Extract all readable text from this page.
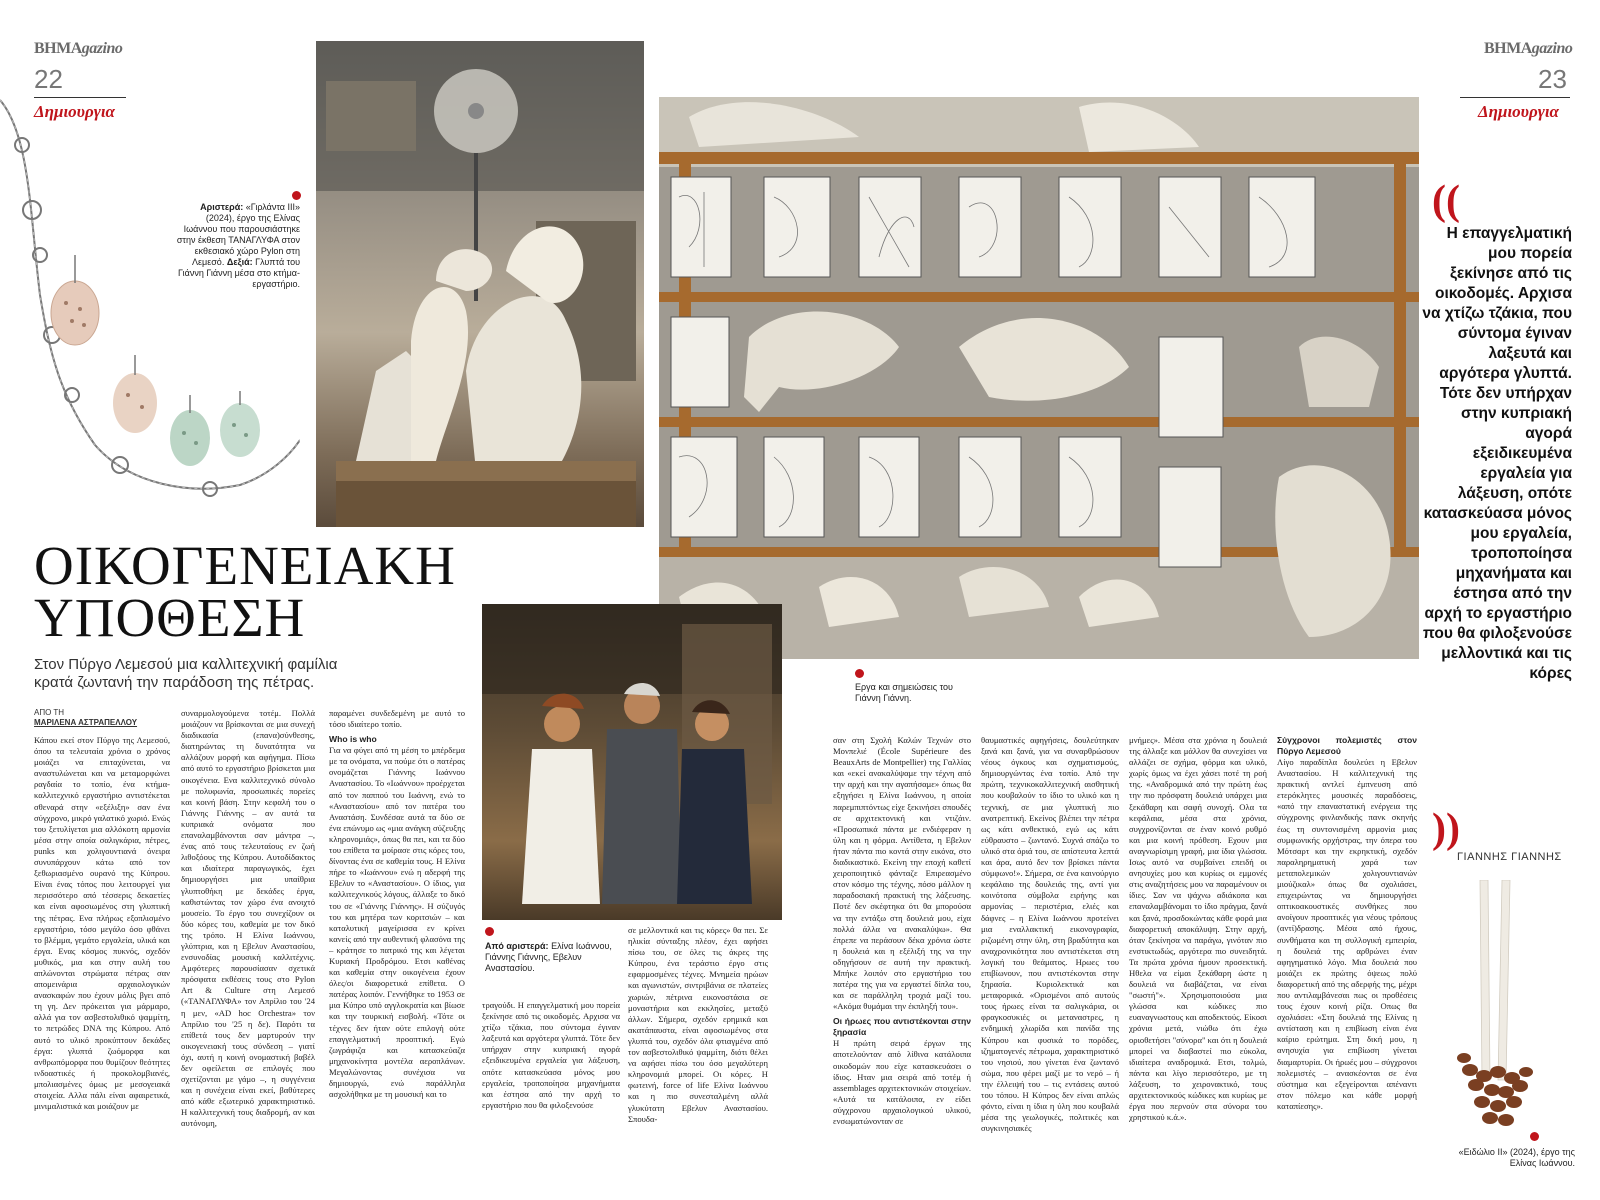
ΒΗΜΑgazino
22
Δημιουργια
ΒΗΜΑgazino
23
Δημιουργια
Αριστερά: «Γιρλάντα III» (2024), έργο της Ελίνας Ιωάννου που παρουσιάστηκε στην έκθεση ΤΑΝΑΓΛΥΦΑ στον εκθεσιακό χώρο Pylon στη Λεμεσό. Δεξιά: Γλυπτά του Γιάννη Γιάννη μέσα στο κτήμα-εργαστήριο.
((
Η επαγγελματική μου πορεία ξεκίνησε από τις οικοδομές. Αρχισα να χτίζω τζάκια, που σύντομα έγιναν λαξευτά και αργότερα γλυπτά. Τότε δεν υπήρχαν στην κυπριακή αγορά εξειδικευμένα εργαλεία για λάξευση, οπότε κατασκεύασα μόνος μου εργαλεία, τροποποίησα μηχανήματα και έστησα από την αρχή το εργαστήριο που θα φιλοξενούσε μελλοντικά και τις κόρες
))
ΓΙΑΝΝΗΣ ΓΙΑΝΝΗΣ
ΟΙΚΟΓΕΝΕΙΑΚΗ
ΥΠΟΘΕΣΗ
Στον Πύργο Λεμεσού μια καλλιτεχνική φαμίλια κρατά ζωντανή την παράδοση της πέτρας.
ΑΠΟ ΤΗ
ΜΑΡΙΛΕΝΑ ΑΣΤΡΑΠΕΛΛΟΥ

Κάπου εκεί στον Πύργο της Λεμεσού, όπου τα τελευταία χρόνια ο χρόνος μοιάζει να επιταχύνεται, να αναστυλώνεται και να μεταμορφώνει ραγδαία το τοπίο, ένα κτήμα-καλλιτεχνικό εργαστήριο αντιστέκεται σθεναρά στην «εξέλιξη» σαν ένα σύγχρονο, μικρό γαλατικό χωριό. Ενώς του ξετυλίγεται μια αλλόκοτη αρμονία μέσα στην οποία σαλιγκάρια, πέτρες, punks και χολιγουντιανά όνειρα συνυπάρχουν κάτω από τον ξεθωριασμένο ουρανό της Κύπρου. Είναι ένας τόπος που λειτουργεί για περισσότερο από τέσσερις δεκαετίες και είναι αφοσιωμένος στη γλυπτική της πέτρας. Ενα πλήρως εξοπλισμένο εργαστήριο, τόσο μεγάλο όσο φθάνει το βλέμμα, γεμάτο εργαλεία, υλικά και έργα. Ενας κόσμος πυκνός, σχεδόν μυθικός, μια και στην αυλή του απλώνονται στρώματα πέτρας σαν απομεινάρια αρχαιολογικών ανασκαφών που έχουν μόλις βγει από τη γη. Δεν πρόκειται για μάρμαρο, αλλά για τον ασβεστολιθικό ψαμμίτη, το πετρώδες DNA της Κύπρου. Από αυτό το υλικό προκύπτουν δεκάδες έργα: γλυπτά ζωόμορφα και ανθρωπόμορφα που θυμίζουν θεότητες ινδοαστικές ή προκολομβιανές, μπολιασμένες όμως με μεσογειακά στοιχεία. Αλλα πάλι είναι αφαιρετικά, μινιμαλιστικά και μοιάζουν με

συναρμολογούμενα τοτέμ. Πολλά μοιάζουν να βρίσκονται σε μια συνεχή διαδικασία (επανα)σύνθεσης, διατηρώντας τη δυνατότητα να αλλάζουν μορφή και αφήγημα. Πίσω από αυτό το εργαστήριο βρίσκεται μια οικογένεια. Ενα καλλιτεχνικό σύνολο με πολυφωνία, προσωπικές πορείες και κοινή βάση. Στην κεφαλή του ο Γιάννης Γιάννης – αν αυτά τα κυπριακά ονόματα που επαναλαμβάνονται σαν μάντρα –, ένας από τους τελευταίους εν ζωή λιθοξόους της Κύπρου. Αυτοδίδακτος και ιδιαίτερα παραγωγικός, έχει δημιουργήσει μια υπαίθρια γλυπτοθήκη με δεκάδες έργα, καθιστώντας τον χώρο ένα ανοιχτό μουσείο. Το έργο του συνεχίζουν οι δύο κόρες του, καθεμία με τον δικό της τρόπο. Η Ελίνα Ιωάννου, γλύπτρια, και η Εβελυν Αναστασίου, ενσυνοδίας μουσική καλλιτέχνις. Αμφότερες παρουσίασαν σχετικά πρόσφατα εκθέσεις τους στο Pylon Art & Culture στη Λεμεσό («ΤΑΝΑΓΛΥΦΑ» τον Απρίλιο του '24 η μεν, «AD hoc Orchestra» τον Απρίλιο του '25 η δε). Παρότι τα επίθετά τους δεν μαρτυρούν την οικογενειακή τους σύνδεση – γιατί όχι, αυτή η κοινή ονομαστική βαβέλ δεν οφείλεται σε επιλογές που σχετίζονται με γάμο –, η συγγένεια και η συνέχεια είναι εκεί, βαθύτερες από κάθε εξωτερικό χαρακτηριστικό. Η καλλιτεχνική τους διαδρομή, αν και αυτόνομη,

παραμένει συνδεδεμένη με αυτό το τόσο ιδιαίτερο τοπίο.

Who is who

Για να φύγει από τη μέση το μπέρδεμα με τα ονόματα, να πούμε ότι ο πατέρας ονομάζεται Γιάννης Ιωάννου Αναστασίου. Το «Ιωάννου» προέρχεται από τον παππού του Ιωάννη, ενώ το «Αναστασίου» από τον πατέρα του Αναστάση. Συνδέσαε αυτά τα δύο σε ένα επώνυμο ως «μια ανάγκη σύζευξης κληρονομιάς», όπως θα πει, και τα δύο του επίθετα τα μοίρασε στις κόρες του, δίνοντας ένα σε καθεμία τους. Η Ελίνα πήρε το «Ιωάννου» ενώ η αδερφή της Εβελυν το «Αναστασίου». Ο ίδιος, για καλλιτεχνικούς λόγους, άλλαξε το δικό του σε «Γιάννης Γιάννης». Η σύζυγός του και μητέρα των κοριτσιών – και καταλυτική μαγείρισσα εν κρίνει κανείς από την αυθεντική φλασόνα της – κράτησε το πατρικό της και λέγεται Κυριακή Προδρόμου. Ετσι καθένας και καθεμία στην οικογένεια έχουν όλες/οι διαφορετικά επίθετα. Ο πατέρας λοιπόν. Γεννήθηκε το 1953 σε μια Κύπρο υπό αγγλοκρατία και βίωσε και την τουρκική εισβολή. «Τότε οι τέχνες δεν ήταν ούτε επιλογή ούτε επαγγελματική προοπτική. Εγώ ζωγράφιζα και κατασκεύαζα μηχανοκίνητα μοντέλα αεροπλάνων. Μεγαλώνοντας συνέχισα να δημιουργώ, ενώ παράλληλα ασχολήθηκα με τη μουσική και το

Από αριστερά: Ελίνα Ιωάννου, Γιάννης Γιάννης, Εβελυν Αναστασίου.

τραγούδι. Η επαγγελματική μου πορεία ξεκίνησε από τις οικοδομές. Αρχισα να χτίζω τζάκια, που σύντομα έγιναν λαξευτά και αργότερα γλυπτά. Τότε δεν υπήρχαν στην κυπριακή αγορά εξειδικευμένα εργαλεία για λάξευση, οπότε κατασκεύασα μόνος μου εργαλεία, τροποποίησα μηχανήματα και έστησα από την αρχή το εργαστήριο που θα φιλοξενούσε

σε μελλοντικά και τις κόρες» θα πει. Σε ηλικία σύνταξης πλέον, έχει αφήσει πίσω του, σε όλες τις άκρες της Κύπρου, ένα τεράστιο έργο στις εφαρμοσμένες τέχνες. Μνημεία ηρώων και αγωνιστών, σιντριβάνια σε πλατείες χωριών, πέτρινα εικονοστάσια σε μοναστήρια και εκκλησίες, μεταξύ άλλων. Σήμερα, σχεδόν ερημικά και ακατάπαυστα, είναι αφοσιωμένος στα γλυπτά του, σχεδόν όλα φτιαγμένα από τον ασβεστολιθικό ψαμμίτη, διότι θέλει να αφήσει πίσω του όσο μεγαλύτερη κληρονομιά μπορεί. Οι κόρες. Η φωτεινή, force of life Ελίνα Ιωάννου και η πιο συνεσταλμένη αλλά γλυκύτατη Εβελυν Αναστασίου. Σπουδα-

Εργα και σημειώσεις του Γιάννη Γιάννη.

σαν στη Σχολή Καλών Τεχνών στο Μονπελιέ (École Supérieure des BeauxArts de Montpellier) της Γαλλίας και «εκεί ανακαλύψαμε την τέχνη από την αρχή και την αγαπήσαμε» όπως θα εξηγήσει η Ελίνα Ιωάννου, η οποία παρεμπιπτόντως είχε ξεκινήσει σπουδές σε αρχιτεκτονική και ντιζάιν. «Προσωπικά πάντα με ενδιέφεραν η ύλη και η φόρμα. Αντίθετα, η Εβελυν ήταν πάντα πιο κοντά στην εικόνα, στο διαδικαστικό. Εκείνη την εποχή καθετί χειροποιητικό φάνταζε Επιρεασμένο στον κόσμο της τέχνης, πόσο μάλλον η παραδοσιακή πρακτική της λάξευσης. Ποτέ δεν σκέφτηκα ότι θα μπορούσα να την εντάξω στη δουλειά μου, είχα πολλά άλλα να ανακαλύψω». Θα έπρεπε να περάσουν δέκα χρόνια ώστε η δουλειά και η εξέλιξή της να την οδηγήσουν σε αυτή την πρακτική. Μπήκε λοιπόν στο εργαστήριο του πατέρα της για να εργαστεί δίπλα του, και σε παράλληλη τροχιά μαζί του. «Ακόμα θυμάμαι την έκπληξή του».

Οι ήρωες που αντιστέκονται στην ξηρασία

Η πρώτη σειρά έργων της αποτελούνταν από λίθινα κατάλοιπα οικοδομών που είχε κατασκευάσει ο ίδιος. Ηταν μια σειρά από τοτέμ ή assemblages αρχιτεκτονικών στοιχείων. «Αυτά τα κατάλοιπα, εν είδει σύγχρονου αρχαιολογικού υλικού, ενσωματώνονταν σε

θαυμαστικές αφηγήσεις, δουλεύτηκαν ξανά και ξανά, για να συναρθρώσουν νέους όγκους και σχηματισμούς, δημιουργώντας ένα τοπίο. Από την πρώτη, τεχνικοκαλλιτεχνική αισθητική που κουβαλούν το ίδιο το υλικό και η τεχνική, σε μια γλυπτική πιο ανατρεπτική. Εκείνος βλέπει την πέτρα ως κάτι ανθεκτικό, εγώ ως κάτι εύθραυστο – ζωντανό. Συχνά σπάζω το υλικό στα όριά του, σε απίστευτα λεπτά και άρα, αυτό δεν τον βρίσκει πάντα σύμφωνο!». Σήμερα, σε ένα καινούργιο κεφάλαιο της δουλειάς της, αντί για κοινότοπα σύμβολα ειρήνης και αρμονίας – περιστέρια, ελιές και δάφνες – η Ελίνα Ιωάννου προτείνει μια εναλλακτική εικονογραφία, ριζωμένη στην ύλη, στη βραδύτητα και αναχρονικότητα που αντιστέκεται στη λογική του θεάματος. Ηρωες του επιβίωνουν, που αντιστέκονται στην ξηρασία. Κυριολεκτικά και μεταφορικά. «Ορισμένοι από αυτούς τους ήρωες είναι τα σαλιγκάρια, οι φραγκοσυκιές οι μεταναστρες, η ενδημική χλωρίδα και πανίδα της Κύπρου και φυσικά το πορόδες, ιζηματογενές πέτρωμα, χαρακτηριστικό του νησιού, που γίνεται ένα ζωντανό σώμα, που φέρει μαζί με το νερό – ή την έλλειψή του – τις εντάσεις αυτού του τόπου. Η Κύπρος δεν είναι απλώς φόντο, είναι η ίδια η ύλη που κουβαλά μέσα της γεωλογικές, πολιτικές και συγκινησιακές

μνήμες». Μέσα στα χρόνια η δουλειά της άλλαξε και μάλλον θα συνεχίσει να αλλάζει σε σχήμα, φόρμα και υλικό, χωρίς όμως να έχει χάσει ποτέ τη ροή της. «Αναδρομικά από την πρώτη έως την πιο πρόσφατη δουλειά υπάρχει μια ξεκάθαρη και σαφή συνοχή. Ολα τα κεφάλαια, μέσα στα χρόνια, συγχρονίζονται σε έναν κοινό ρυθμό και μια κοινή πρόθεση. Εχουν μια αναγνωρίσιμη γραφή, μια ίδια γλώσσα. Ισως αυτό να συμβαίνει επειδή οι ανησυχίες μου και κυρίως οι εμμονές στις αναζητήσεις μου να παραμένουν οι ίδιες. Σαν να ψάχνω αδιάκοπα και επαναλαμβάνομαι το ίδιο πράγμα, ξανά και ξανά, προσδοκώντας κάθε φορά μια διαφορετική αποκάλυψη. Στην αρχή, όταν ξεκίνησα να παράγω, γινόταν πιο ενστικτωδώς, αργότερα πιο συνειδητά. Τα πρώτα χρόνια ήμουν προσεκτική. Ηθελα να είμαι ξεκάθαρη ώστε η δουλειά να διαβάζεται, να είναι "σωστή"». Χρησιμοποιούσα μια γλώσσα και κώδικες πιο ευαναγνωστους και αποδεκτούς. Είκοσι χρόνια μετά, νιώθω ότι έχω οριοθετήσει "σύνορα" και ότι η δουλειά μπορεί να διαβαστεί πιο εύκολα, ιδιαίτερα αναδρομικά. Ετσι, τολμώ, πάντα και λίγο περισσότερο, με τη λάξευση, το χειρονακτικό, τους αρχιτεκτονικούς κώδικες και κυρίως με έργα που περνούν στα σύνορα του χρηστικού κ.ά.».

Σύγχρονοι πολεμιστές στον Πύργο Λεμεσού

Λίγο παραδίπλα δουλεύει η Εβελυν Αναστασίου. Η καλλιτεχνική της πρακτική αντλεί έμπνευση από ετερόκλητες μουσικές παραδόσεις, «από την επαναστατική ενέργεια της σύγχρονης φινλανδικής πανκ σκηνής έως τη συντονισμένη αρμονία μιας συμφωνικής ορχήστρας, την όπερα του Μότσαρτ και την εκρηκτική, σχεδόν παραληρηματική χαρά των μεταπολεμικών χολιγουντιανών μιούζικαλ» όπως θα σχολιάσει, επιχειρώντας να δημιουργήσει οπτικοακουστικές συνθήκες που ανοίγουν προοπτικές για νέους τρόπους (αντί)δρασης. Μέσα από ήχους, συνθήματα και τη συλλογική εμπειρία, η δουλειά της αρθρώνει έναν αφηγηματικό λόγο. Μια δουλειά που μοιάζει εκ πρώτης όψεως πολύ διαφορετική από της αδερφής της, μέχρι που αντιλαμβάνεσαι πως οι προθέσεις τους έχουν κοινή ρίζα. Οπως θα σχολιάσει: «Στη δουλειά της Ελίνας η αντίσταση και η επιβίωση είναι ένα καίριο ερώτημα. Στη δική μου, η ανησυχία για επιβίωση γίνεται διαμαρτυρία. Οι ήρωές μου – σύγχρονοι πολεμιστές – ανασκέονται σε ένα σύστημα και εξεγείρονται απέναντι στον πόλεμο και κάθε μορφή καταπίεσης».

«Ειδώλιο ΙΙ» (2024), έργο της Ελίνας Ιωάννου.
